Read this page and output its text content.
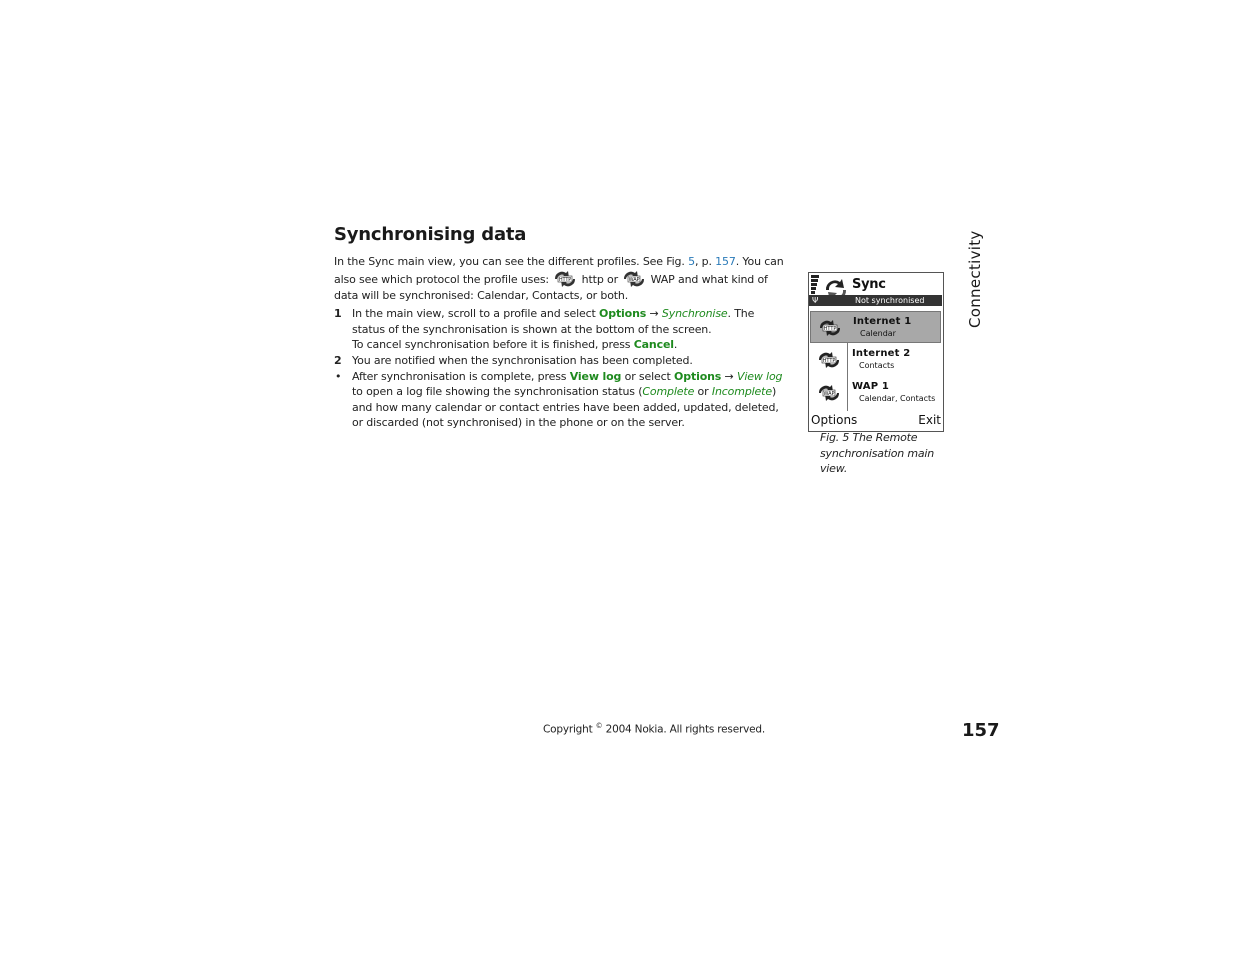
Synchronising data

In the Sync main view, you can see the different profiles. See Fig. 5, p. 157. You can also see which protocol the profile uses: HTTP http or WAP WAP and what kind of data will be synchronised: Calendar, Contacts, or both.

1 In the main view, scroll to a profile and select Options → Synchronise. The status of the synchronisation is shown at the bottom of the screen.
To cancel synchronisation before it is finished, press Cancel.
2 You are notified when the synchronisation has been completed.
• After synchronisation is complete, press View log or select Options → View log to open a log file showing the synchronisation status (Complete or Incomplete) and how many calendar or contact entries have been added, updated, deleted, or discarded (not synchronised) in the phone or on the server.
Sync
Ψ	Not synchronised
HTTP
Internet 1
Calendar
HTTP
Internet 2
Contacts
WAP
WAP 1
Calendar, Contacts
Options	Exit
Fig. 5 The Remote synchronisation main view.
Connectivity
Copyright © 2004 Nokia. All rights reserved.	157
